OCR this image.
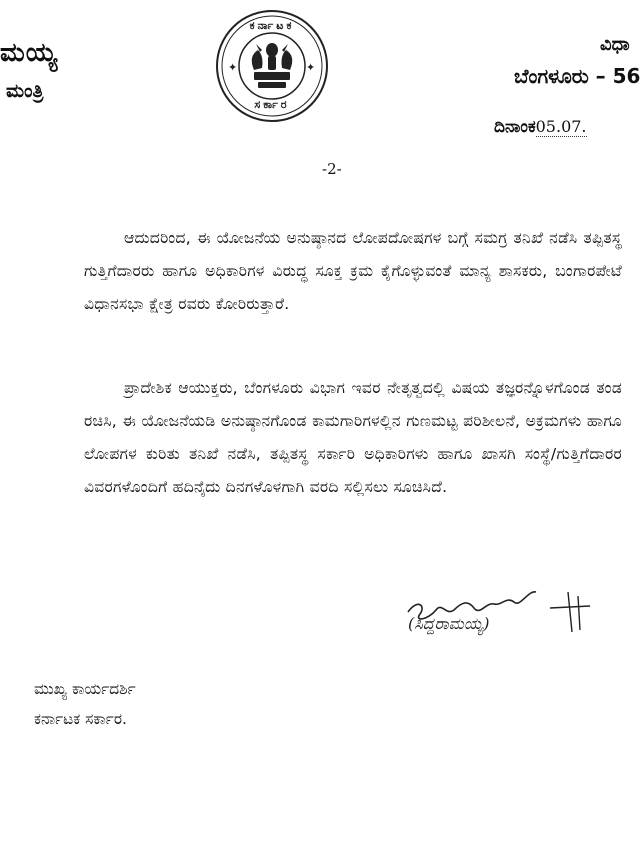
ಮಯ್ಯ
ಮಂತ್ರಿ
✦	✦
ಕರ್ನಾಟಕ
ಸರ್ಕಾರ
ವಿಧಾ
ಬೆಂಗಳೂರು – 56
ದಿನಾಂಕ05.07.
-2-
ಆದುದರಿಂದ, ಈ ಯೋಜನೆಯ ಅನುಷ್ಠಾನದ ಲೋಪದೋಷಗಳ ಬಗ್ಗೆ ಸಮಗ್ರ ತನಿಖೆ ನಡೆಸಿ ತಪ್ಪಿತಸ್ಥ ಗುತ್ತಿಗೆದಾರರು ಹಾಗೂ ಅಧಿಕಾರಿಗಳ ವಿರುದ್ಧ ಸೂಕ್ತ ಕ್ರಮ ಕೈಗೊಳ್ಳುವಂತೆ ಮಾನ್ಯ ಶಾಸಕರು, ಬಂಗಾರಪೇಟೆ ವಿಧಾನಸಭಾ ಕ್ಷೇತ್ರ ರವರು ಕೋರಿರುತ್ತಾರೆ.
ಪ್ರಾದೇಶಿಕ ಆಯುಕ್ತರು, ಬೆಂಗಳೂರು ವಿಭಾಗ ಇವರ ನೇತೃತ್ವದಲ್ಲಿ ವಿಷಯ ತಜ್ಞರನ್ನೊಳಗೊಂಡ ತಂಡ ರಚಿಸಿ, ಈ ಯೋಜನೆಯಡಿ ಅನುಷ್ಠಾನಗೊಂಡ ಕಾಮಗಾರಿಗಳಲ್ಲಿನ ಗುಣಮಟ್ಟ ಪರಿಶೀಲನೆ, ಅಕ್ರಮಗಳು ಹಾಗೂ ಲೋಪಗಳ ಕುರಿತು ತನಿಖೆ ನಡೆಸಿ, ತಪ್ಪಿತಸ್ಥ ಸರ್ಕಾರಿ ಅಧಿಕಾರಿಗಳು ಹಾಗೂ ಖಾಸಗಿ ಸಂಸ್ಥೆ/ಗುತ್ತಿಗೆದಾರರ ವಿವರಗಳೊಂದಿಗೆ ಹದಿನೈದು ದಿನಗಳೊಳಗಾಗಿ ವರದಿ ಸಲ್ಲಿಸಲು ಸೂಚಿಸಿದೆ.
(ಸಿದ್ದರಾಮಯ್ಯ)
ಮುಖ್ಯ ಕಾರ್ಯದರ್ಶಿ
ಕರ್ನಾಟಕ ಸರ್ಕಾರ.
